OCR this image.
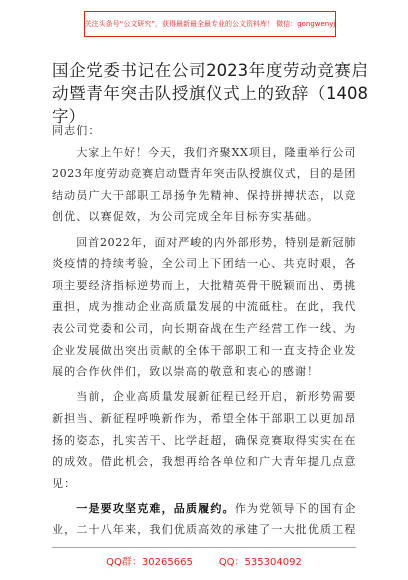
关注头条号“公文研究”，获得最新最全最专业的公文资料库！ 微信：gongwenyj
国企党委书记在公司2023年度劳动竞赛启
动暨青年突击队授旗仪式上的致辞（1408
字）
同志们：
大家上午好！今天，我们齐聚XX项目，隆重举行公司
2023年度劳动竞赛启动暨青年突击队授旗仪式，目的是团
结动员广大干部职工昂扬争先精神、保持拼搏状态，以竞
创优、以赛促效，为公司完成全年目标夯实基础。
回首2022年，面对严峻的内外部形势，特别是新冠肺
炎疫情的持续考验，全公司上下团结一心、共克时艰，各
项主要经济指标逆势而上，大批精英骨干脱颖而出、勇挑
重担，成为推动企业高质量发展的中流砥柱。在此，我代
表公司党委和公司，向长期奋战在生产经营工作一线、为
企业发展做出突出贡献的全体干部职工和一直支持企业发
展的合作伙伴们，致以崇高的敬意和衷心的感谢！
当前，企业高质量发展新征程已经开启，新形势需要
新担当、新征程呼唤新作为，希望全体干部职工以更加昂
扬的姿态，扎实苦干、比学赶超，确保竞赛取得实实在在
的成效。借此机会，我想再给各单位和广大青年提几点意
见：
一是要攻坚克难，品质履约。作为党领导下的国有企
业，二十八年来，我们优质高效的承建了一大批优质工程
QQ群：30265665	QQ：535304092
